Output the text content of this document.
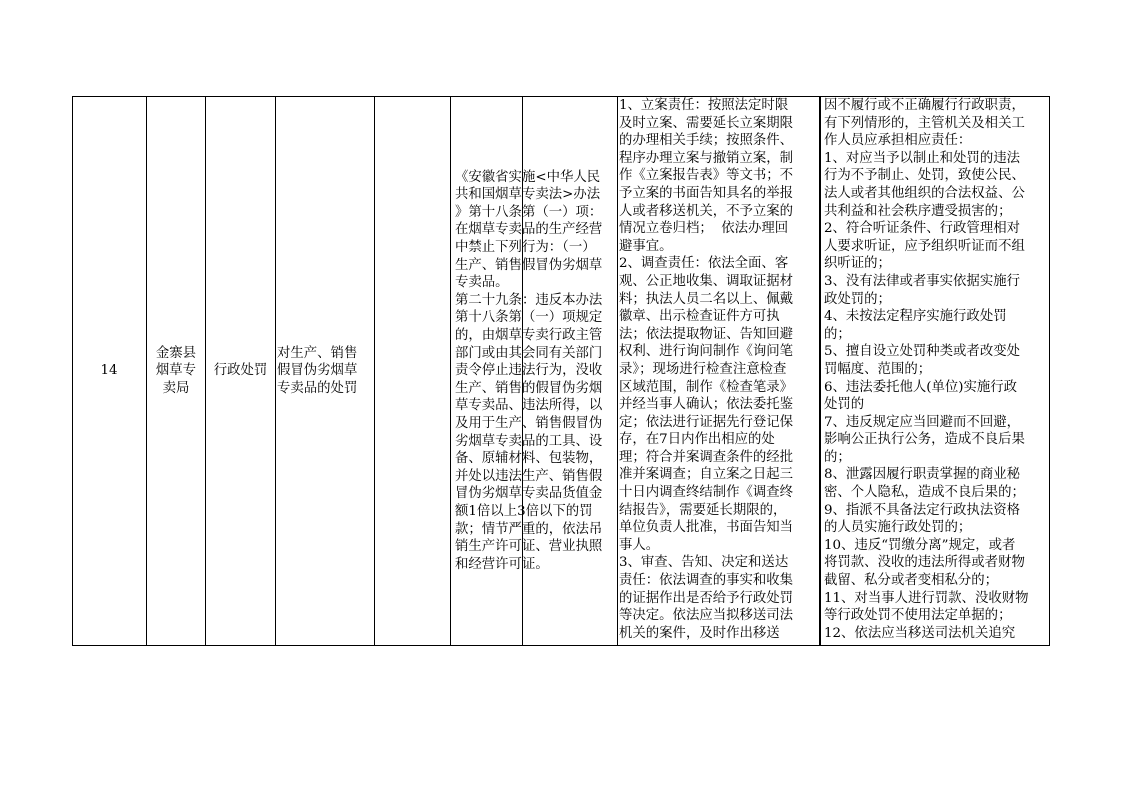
14
金寨县
烟草专
卖局
行政处罚
对生产、销售
假冒伪劣烟草
专卖品的处罚
《安徽省实施<中华人民
共和国烟草专卖法>办法
》第十八条第（一）项：
在烟草专卖品的生产经营
中禁止下列行为：（一）
生产、销售假冒伪劣烟草
专卖品。
第二十九条：违反本办法
第十八条第（一）项规定
的，由烟草专卖行政主管
部门或由其会同有关部门
责令停止违法行为，没收
生产、销售的假冒伪劣烟
草专卖品、违法所得，以
及用于生产、销售假冒伪
劣烟草专卖品的工具、设
备、原辅材料、包装物，
并处以违法生产、销售假
冒伪劣烟草专卖品货值金
额1倍以上3倍以下的罚
款；情节严重的，依法吊
销生产许可证、营业执照
和经营许可证。
1、立案责任：按照法定时限
及时立案、需要延长立案期限
的办理相关手续；按照条件、
程序办理立案与撤销立案，制
作《立案报告表》等文书；不
予立案的书面告知具名的举报
人或者移送机关，不予立案的
情况立卷归档；  依法办理回
避事宜。
2、调查责任：依法全面、客
观、公正地收集、调取证据材
料；执法人员二名以上、佩戴
徽章、出示检查证件方可执
法；依法提取物证、告知回避
权利、进行询问制作《询问笔
录》；现场进行检查注意检查
区域范围，制作《检查笔录》
并经当事人确认；依法委托鉴
定；依法进行证据先行登记保
存，在7日内作出相应的处
理；符合并案调查条件的经批
准并案调查；自立案之日起三
十日内调查终结制作《调查终
结报告》，需要延长期限的，
单位负责人批准，书面告知当
事人。
3、审查、告知、决定和送达
责任：依法调查的事实和收集
的证据作出是否给予行政处罚
等决定。依法应当拟移送司法
机关的案件，及时作出移送
因不履行或不正确履行行政职责，
有下列情形的，主管机关及相关工
作人员应承担相应责任：
1、对应当予以制止和处罚的违法
行为不予制止、处罚，致使公民、
法人或者其他组织的合法权益、公
共利益和社会秩序遭受损害的；
2、符合听证条件、行政管理相对
人要求听证，应予组织听证而不组
织听证的；
3、没有法律或者事实依据实施行
政处罚的；
4、未按法定程序实施行政处罚
的；
5、擅自设立处罚种类或者改变处
罚幅度、范围的；
6、违法委托他人(单位)实施行政
处罚的
7、违反规定应当回避而不回避，
影响公正执行公务，造成不良后果
的；
8、泄露因履行职责掌握的商业秘
密、个人隐私，造成不良后果的；
9、指派不具备法定行政执法资格
的人员实施行政处罚的；
10、违反“罚缴分离”规定，或者
将罚款、没收的违法所得或者财物
截留、私分或者变相私分的；
11、对当事人进行罚款、没收财物
等行政处罚不使用法定单据的；
12、依法应当移送司法机关追究
